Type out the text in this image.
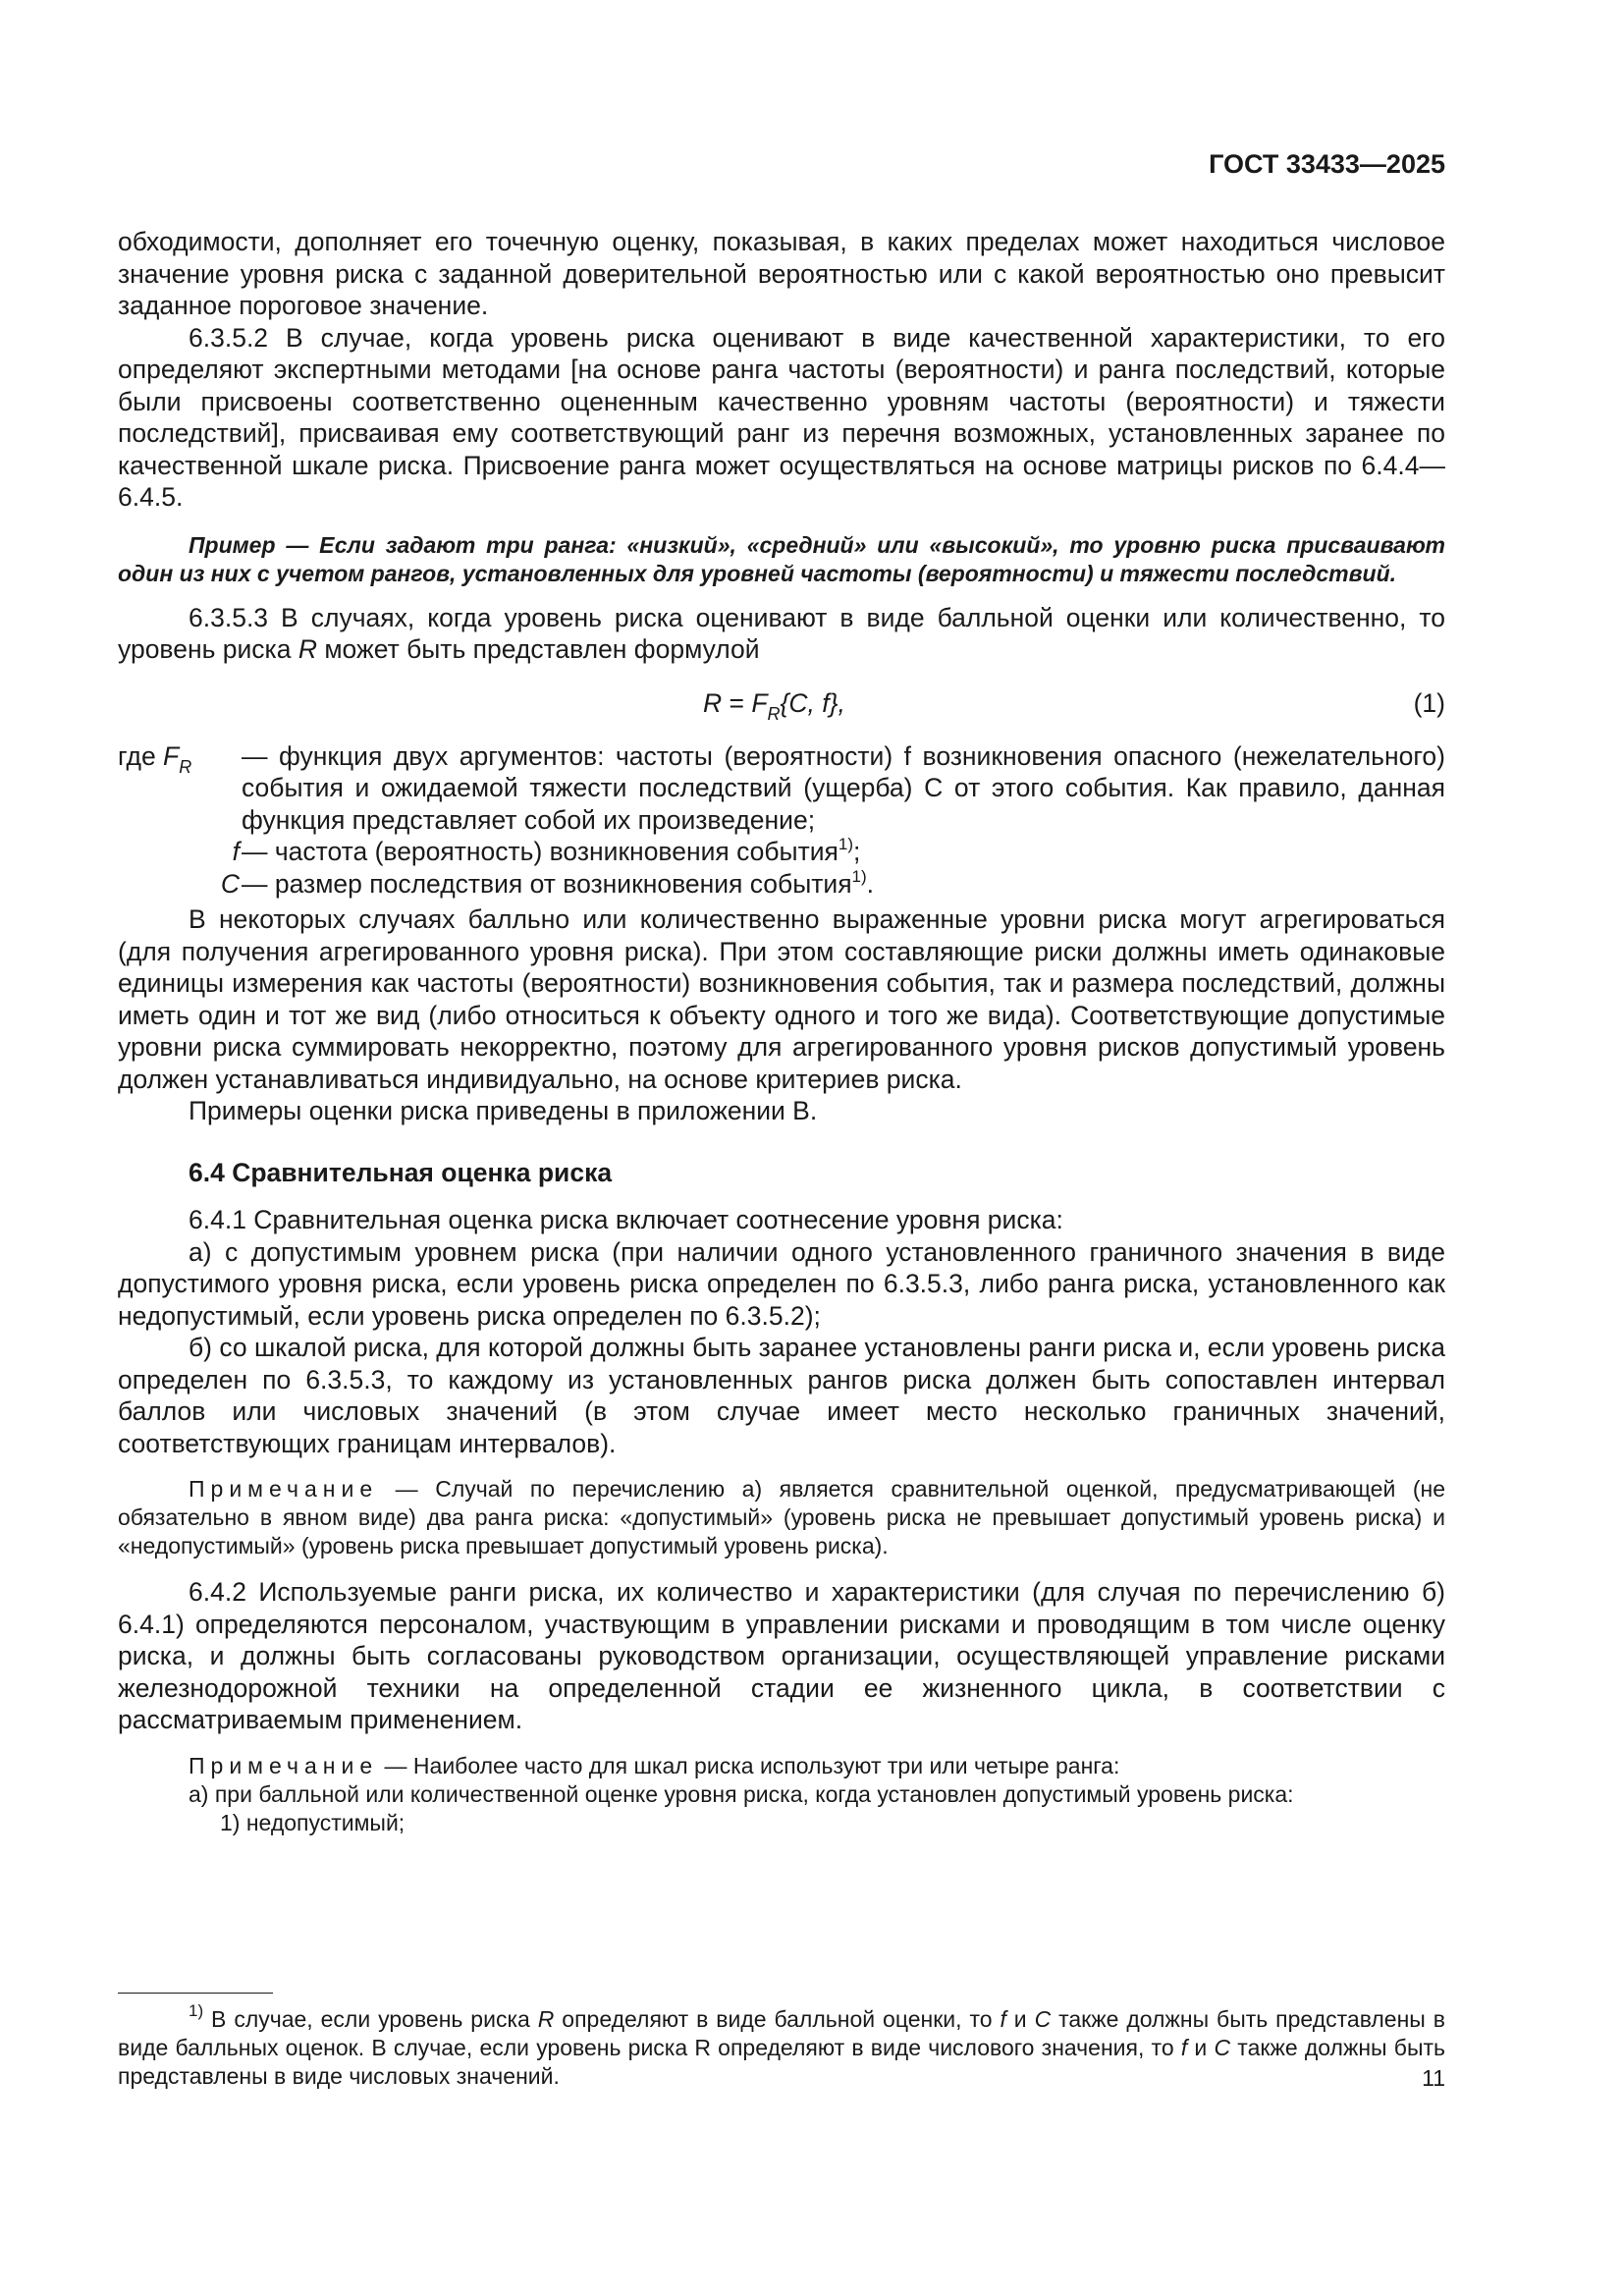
ГОСТ 33433—2025

обходимости, дополняет его точечную оценку, показывая, в каких пределах может находиться числовое значение уровня риска с заданной доверительной вероятностью или с какой вероятностью оно превысит заданное пороговое значение.

6.3.5.2 В случае, когда уровень риска оценивают в виде качественной характеристики, то его определяют экспертными методами [на основе ранга частоты (вероятности) и ранга последствий, которые были присвоены соответственно оцененным качественно уровням частоты (вероятности) и тяжести последствий], присваивая ему соответствующий ранг из перечня возможных, установленных заранее по качественной шкале риска. Присвоение ранга может осуществляться на основе матрицы рисков по 6.4.4—6.4.5.

Пример — Если задают три ранга: «низкий», «средний» или «высокий», то уровню риска присваивают один из них с учетом рангов, установленных для уровней частоты (вероятности) и тяжести последствий.

6.3.5.3 В случаях, когда уровень риска оценивают в виде балльной оценки или количественно, то уровень риска R может быть представлен формулой

$R = F_R\{C$, f},	(1)
где $F_R$	— функция двух аргументов: частоты (вероятности) f возникновения опасного (нежелательного) события и ожидаемой тяжести последствий (ущерба) C от этого события. Как правило, данная функция представляет собой их произведение;
f — частота (вероятность) возникновения события$^{1)}$;
C — размер последствия от возникновения события$^{1)}$.

В некоторых случаях балльно или количественно выраженные уровни риска могут агрегироваться (для получения агрегированного уровня риска). При этом составляющие риски должны иметь одинаковые единицы измерения как частоты (вероятности) возникновения события, так и размера последствий, должны иметь один и тот же вид (либо относиться к объекту одного и того же вида). Соответствующие допустимые уровни риска суммировать некорректно, поэтому для агрегированного уровня рисков допустимый уровень должен устанавливаться индивидуально, на основе критериев риска.

Примеры оценки риска приведены в приложении В.

6.4 Сравнительная оценка риска

6.4.1 Сравнительная оценка риска включает соотнесение уровня риска:

а) с допустимым уровнем риска (при наличии одного установленного граничного значения в виде допустимого уровня риска, если уровень риска определен по 6.3.5.3, либо ранга риска, установленного как недопустимый, если уровень риска определен по 6.3.5.2);

б) со шкалой риска, для которой должны быть заранее установлены ранги риска и, если уровень риска определен по 6.3.5.3, то каждому из установленных рангов риска должен быть сопоставлен интервал баллов или числовых значений (в этом случае имеет место несколько граничных значений, соответствующих границам интервалов).

Примечание — Случай по перечислению а) является сравнительной оценкой, предусматривающей (не обязательно в явном виде) два ранга риска: «допустимый» (уровень риска не превышает допустимый уровень риска) и «недопустимый» (уровень риска превышает допустимый уровень риска).

6.4.2 Используемые ранги риска, их количество и характеристики (для случая по перечислению б) 6.4.1) определяются персоналом, участвующим в управлении рисками и проводящим в том числе оценку риска, и должны быть согласованы руководством организации, осуществляющей управление рисками железнодорожной техники на определенной стадии ее жизненного цикла, в соответствии с рассматриваемым применением.

Примечание — Наиболее часто для шкал риска используют три или четыре ранга:

а) при балльной или количественной оценке уровня риска, когда установлен допустимый уровень риска:
1) недопустимый;

$^{1)}$ В случае, если уровень риска R определяют в виде балльной оценки, то f и C также должны быть представлены в виде балльных оценок. В случае, если уровень риска R определяют в виде числового значения, то f и C также должны быть представлены в виде числовых значений.	11
